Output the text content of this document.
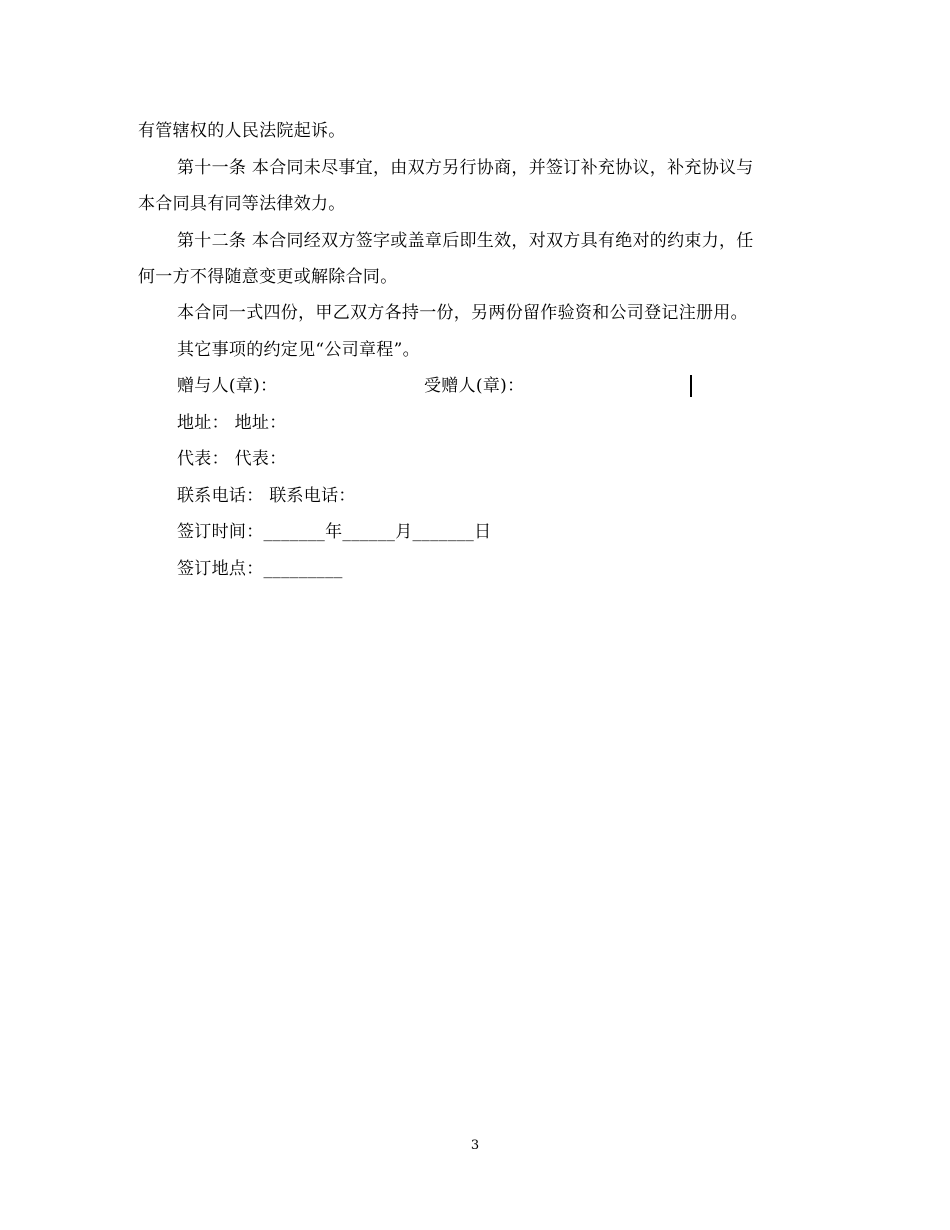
有管辖权的人民法院起诉。
第十一条 本合同未尽事宜，由双方另行协商，并签订补充协议，补充协议与
本合同具有同等法律效力。
第十二条 本合同经双方签字或盖章后即生效，对双方具有绝对的约束力，任
何一方不得随意变更或解除合同。
本合同一式四份，甲乙双方各持一份，另两份留作验资和公司登记注册用。
其它事项的约定见“公司章程”。
赠与人(章)：	受赠人(章)：
地址： 地址：
代表： 代表：
联系电话： 联系电话：
签订时间：_______年______月_______日
签订地点：_________
3
